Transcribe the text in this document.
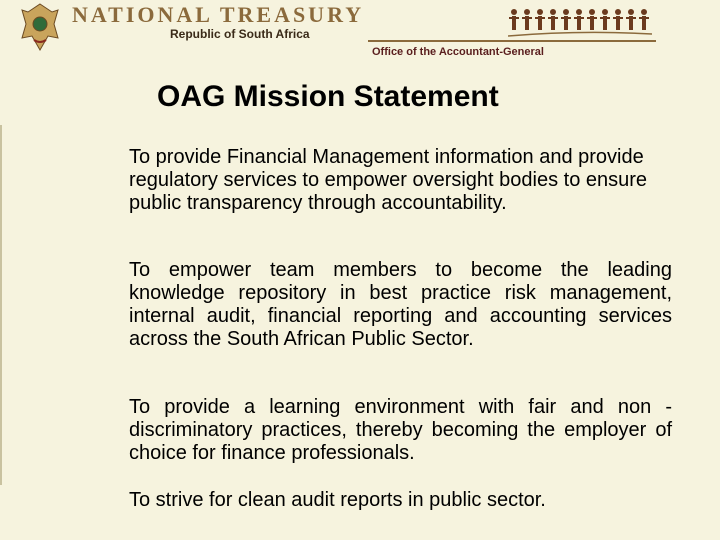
NATIONAL TREASURY
Republic of South Africa
Office of the Accountant-General
OAG Mission Statement

To provide Financial Management information and provide regulatory services to empower oversight bodies to ensure public transparency through accountability.

To empower team members to become the leading knowledge repository in best practice risk management, internal audit, financial reporting and accounting services across the South African Public Sector.

To provide a learning environment with fair and non -discriminatory practices, thereby becoming the employer of choice for finance professionals.

To strive for clean audit reports in public sector.
